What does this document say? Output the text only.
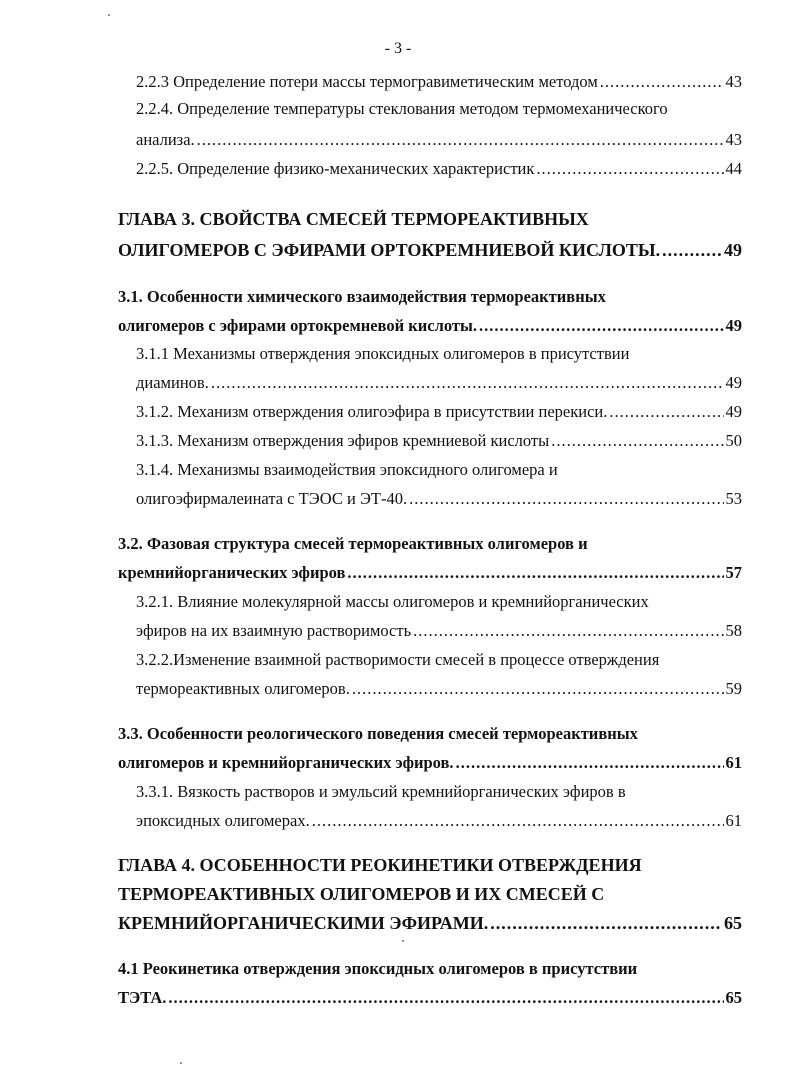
- 3 -
2.2.3 Определение потери массы термогравиметическим методом .....	43
2.2.4. Определение температуры стеклования методом термомеханического
анализа. .....	43
2.2.5. Определение физико-механических характеристик .....	44
ГЛАВА 3. СВОЙСТВА СМЕСЕЙ ТЕРМОРЕАКТИВНЫХ
ОЛИГОМЕРОВ С ЭФИРАМИ ОРТОКРЕМНИЕВОЙ КИСЛОТЫ. .....	49
3.1. Особенности химического взаимодействия термореактивных
олигомеров с эфирами ортокремневой кислоты. .....	49
3.1.1 Механизмы отверждения эпоксидных олигомеров в присутствии
диаминов. .....	49
3.1.2. Механизм отверждения олигоэфира в присутствии перекиси. .....	49
3.1.3. Механизм отверждения эфиров кремниевой кислоты .....	50
3.1.4. Механизмы взаимодействия эпоксидного олигомера и
олигоэфирмалеината с ТЭОС и ЭТ-40. .....	53
3.2. Фазовая структура смесей термореактивных олигомеров и
кремнийорганических эфиров .....	57
3.2.1. Влияние молекулярной массы олигомеров и кремнийорганических
эфиров на их взаимную растворимость .....	58
3.2.2.Изменение взаимной растворимости смесей в процессе отверждения
термореактивных олигомеров. .....	59
3.3. Особенности реологического поведения смесей термореактивных
олигомеров и кремнийорганических эфиров. .....	61
3.3.1. Вязкость растворов и эмульсий кремнийорганических эфиров в
эпоксидных олигомерах. .....	61
ГЛАВА 4. ОСОБЕННОСТИ РЕОКИНЕТИКИ ОТВЕРЖДЕНИЯ
ТЕРМОРЕАКТИВНЫХ ОЛИГОМЕРОВ И ИХ СМЕСЕЙ С
КРЕМНИЙОРГАНИЧЕСКИМИ ЭФИРАМИ. .....	65
4.1 Реокинетика отверждения эпоксидных олигомеров в присутствии
ТЭТА. .....	65
